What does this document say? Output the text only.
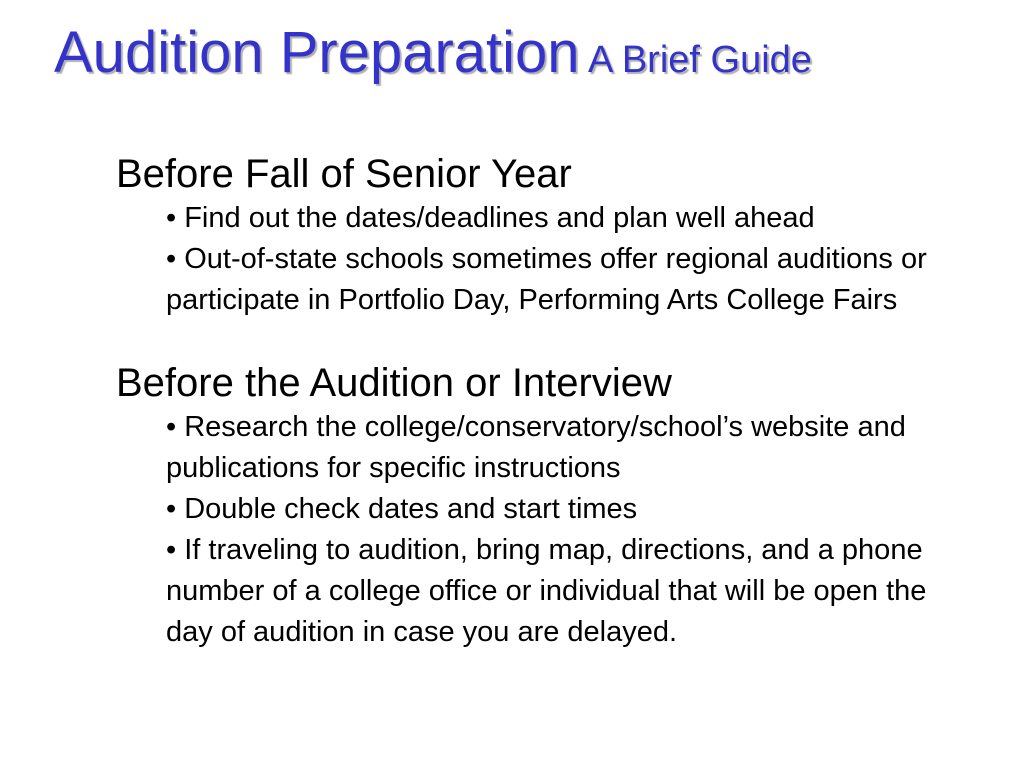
Audition Preparation A Brief Guide
Before Fall of Senior Year
• Find out the dates/deadlines and plan well ahead
• Out-of-state schools sometimes offer regional auditions or participate in Portfolio Day, Performing Arts College Fairs
Before the Audition or Interview
• Research the college/conservatory/school’s website and publications for specific instructions
• Double check dates and start times
• If traveling to audition, bring map, directions, and a phone number of a college office or individual that will be open the day of audition in case you are delayed.
